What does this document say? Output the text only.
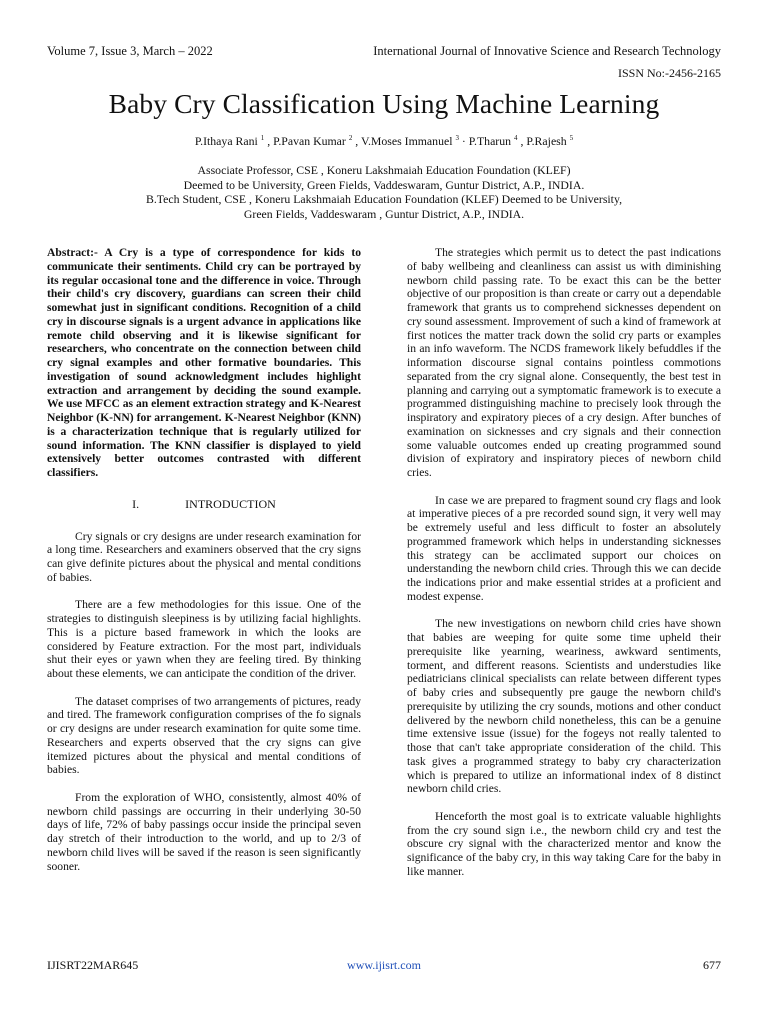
Volume 7, Issue 3, March – 2022	International Journal of Innovative Science and Research Technology
ISSN No:-2456-2165
Baby Cry Classification Using Machine Learning
P.Ithaya Rani $^1$ , P.Pavan Kumar $^2$ , V.Moses Immanuel $^3$ · P.Tharun $^4$ , P.Rajesh $^5$
Associate Professor, CSE , Koneru Lakshmaiah Education Foundation (KLEF)
Deemed to be University, Green Fields, Vaddeswaram, Guntur District, A.P., INDIA.
B.Tech Student, CSE , Koneru Lakshmaiah Education Foundation (KLEF) Deemed to be University,
Green Fields, Vaddeswaram , Guntur District, A.P., INDIA.

Abstract:- A Cry is a type of correspondence for kids to communicate their sentiments. Child cry can be portrayed by its regular occasional tone and the difference in voice. Through their child's cry discovery, guardians can screen their child somewhat just in significant conditions. Recognition of a child cry in discourse signals is a urgent advance in applications like remote child observing and it is likewise significant for researchers, who concentrate on the connection between child cry signal examples and other formative boundaries. This investigation of sound acknowledgment includes highlight extraction and arrangement by deciding the sound example. We use MFCC as an element extraction strategy and K-Nearest Neighbor (K-NN) for arrangement. K-Nearest Neighbor (KNN) is a characterization technique that is regularly utilized for sound information. The KNN classifier is displayed to yield extensively better outcomes contrasted with different classifiers.

I.	INTRODUCTION

Cry signals or cry designs are under research examination for a long time. Researchers and examiners observed that the cry signs can give definite pictures about the physical and mental conditions of babies.

There are a few methodologies for this issue. One of the strategies to distinguish sleepiness is by utilizing facial highlights. This is a picture based framework in which the looks are considered by Feature extraction. For the most part, individuals shut their eyes or yawn when they are feeling tired. By thinking about these elements, we can anticipate the condition of the driver.

The dataset comprises of two arrangements of pictures, ready and tired. The framework configuration comprises of the fo signals or cry designs are under research examination for quite some time. Researchers and experts observed that the cry signs can give itemized pictures about the physical and mental conditions of babies.

From the exploration of WHO, consistently, almost 40% of newborn child passings are occurring in their underlying 30-50 days of life, 72% of baby passings occur inside the principal seven day stretch of their introduction to the world, and up to 2/3 of newborn child lives will be saved if the reason is seen significantly sooner.

The strategies which permit us to detect the past indications of baby wellbeing and cleanliness can assist us with diminishing newborn child passing rate. To be exact this can be the better objective of our proposition is than create or carry out a dependable framework that grants us to comprehend sicknesses dependent on cry sound assessment. Improvement of such a kind of framework at first notices the matter track down the solid cry parts or examples in an info waveform. The NCDS framework likely befuddles if the information discourse signal contains pointless commotions separated from the cry signal alone. Consequently, the best test in planning and carrying out a symptomatic framework is to execute a programmed distinguishing machine to precisely look through the inspiratory and expiratory pieces of a cry design. After bunches of examination on sicknesses and cry signals and their connection some valuable outcomes ended up creating programmed sound division of expiratory and inspiratory pieces of newborn child cries.

In case we are prepared to fragment sound cry flags and look at imperative pieces of a pre recorded sound sign, it very well may be extremely useful and less difficult to foster an absolutely programmed framework which helps in understanding sicknesses this strategy can be acclimated support our choices on understanding the newborn child cries. Through this we can decide the indications prior and make essential strides at a proficient and modest expense.

The new investigations on newborn child cries have shown that babies are weeping for quite some time upheld their prerequisite like yearning, weariness, awkward sentiments, torment, and different reasons. Scientists and understudies like pediatricians clinical specialists can relate between different types of baby cries and subsequently pre gauge the newborn child's prerequisite by utilizing the cry sounds, motions and other conduct delivered by the newborn child nonetheless, this can be a genuine time extensive issue (issue) for the fogeys not really talented to those that can't take appropriate consideration of the child. This task gives a programmed strategy to baby cry characterization which is prepared to utilize an informational index of 8 distinct newborn child cries.

Henceforth the most goal is to extricate valuable highlights from the cry sound sign i.e., the newborn child cry and test the obscure cry signal with the characterized mentor and know the significance of the baby cry, in this way taking Care for the baby in like manner.

IJISRT22MAR645	www.ijisrt.com	677
